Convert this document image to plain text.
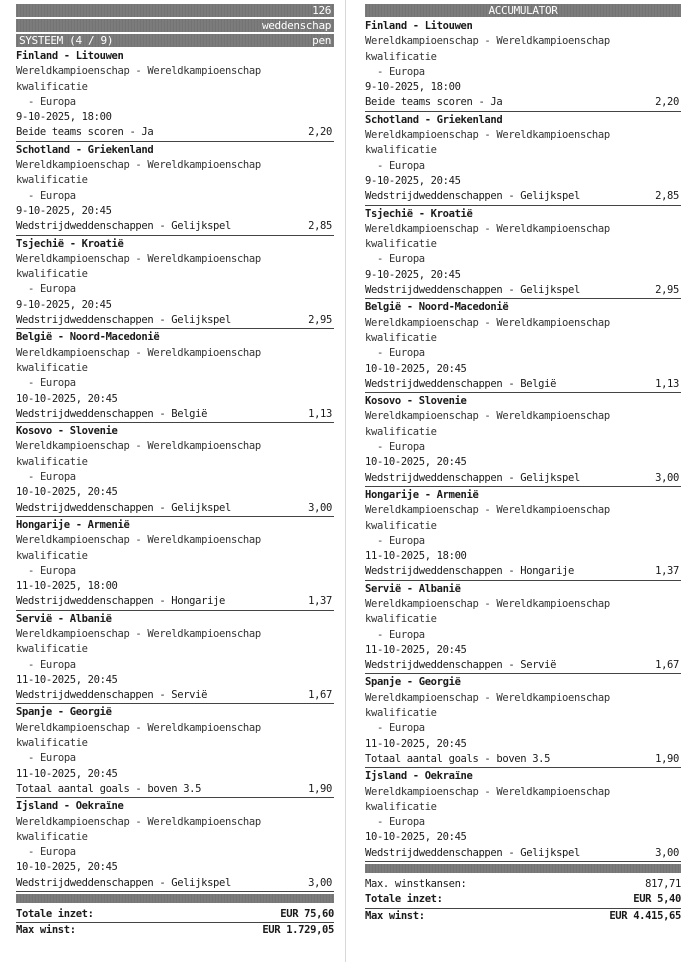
126
weddenschap
SYSTEEM (4 / 9)	pen
Finland - Litouwen
Wereldkampioenschap - Wereldkampioenschap kwalificatie
- Europa
9-10-2025, 18:00
Beide teams scoren - Ja	2,20
Schotland - Griekenland
Wereldkampioenschap - Wereldkampioenschap kwalificatie
- Europa
9-10-2025, 20:45
Wedstrijdweddenschappen - Gelijkspel	2,85
Tsjechië - Kroatië
Wereldkampioenschap - Wereldkampioenschap kwalificatie
- Europa
9-10-2025, 20:45
Wedstrijdweddenschappen - Gelijkspel	2,95
België - Noord-Macedonië
Wereldkampioenschap - Wereldkampioenschap kwalificatie
- Europa
10-10-2025, 20:45
Wedstrijdweddenschappen - België	1,13
Kosovo - Slovenie
Wereldkampioenschap - Wereldkampioenschap kwalificatie
- Europa
10-10-2025, 20:45
Wedstrijdweddenschappen - Gelijkspel	3,00
Hongarije - Armenië
Wereldkampioenschap - Wereldkampioenschap kwalificatie
- Europa
11-10-2025, 18:00
Wedstrijdweddenschappen - Hongarije	1,37
Servië - Albanië
Wereldkampioenschap - Wereldkampioenschap kwalificatie
- Europa
11-10-2025, 20:45
Wedstrijdweddenschappen - Servië	1,67
Spanje - Georgië
Wereldkampioenschap - Wereldkampioenschap kwalificatie
- Europa
11-10-2025, 20:45
Totaal aantal goals - boven 3.5	1,90
Ijsland - Oekraïne
Wereldkampioenschap - Wereldkampioenschap kwalificatie
- Europa
10-10-2025, 20:45
Wedstrijdweddenschappen - Gelijkspel	3,00
Totale inzet:	EUR 75,60
Max winst:	EUR 1.729,05
ACCUMULATOR
Finland - Litouwen
Wereldkampioenschap - Wereldkampioenschap kwalificatie
- Europa
9-10-2025, 18:00
Beide teams scoren - Ja	2,20
Schotland - Griekenland
Wereldkampioenschap - Wereldkampioenschap kwalificatie
- Europa
9-10-2025, 20:45
Wedstrijdweddenschappen - Gelijkspel	2,85
Tsjechië - Kroatië
Wereldkampioenschap - Wereldkampioenschap kwalificatie
- Europa
9-10-2025, 20:45
Wedstrijdweddenschappen - Gelijkspel	2,95
België - Noord-Macedonië
Wereldkampioenschap - Wereldkampioenschap kwalificatie
- Europa
10-10-2025, 20:45
Wedstrijdweddenschappen - België	1,13
Kosovo - Slovenie
Wereldkampioenschap - Wereldkampioenschap kwalificatie
- Europa
10-10-2025, 20:45
Wedstrijdweddenschappen - Gelijkspel	3,00
Hongarije - Armenië
Wereldkampioenschap - Wereldkampioenschap kwalificatie
- Europa
11-10-2025, 18:00
Wedstrijdweddenschappen - Hongarije	1,37
Servië - Albanië
Wereldkampioenschap - Wereldkampioenschap kwalificatie
- Europa
11-10-2025, 20:45
Wedstrijdweddenschappen - Servië	1,67
Spanje - Georgië
Wereldkampioenschap - Wereldkampioenschap kwalificatie
- Europa
11-10-2025, 20:45
Totaal aantal goals - boven 3.5	1,90
Ijsland - Oekraïne
Wereldkampioenschap - Wereldkampioenschap kwalificatie
- Europa
10-10-2025, 20:45
Wedstrijdweddenschappen - Gelijkspel	3,00
Max. winstkansen:	817,71
Totale inzet:	EUR 5,40
Max winst:	EUR 4.415,65
